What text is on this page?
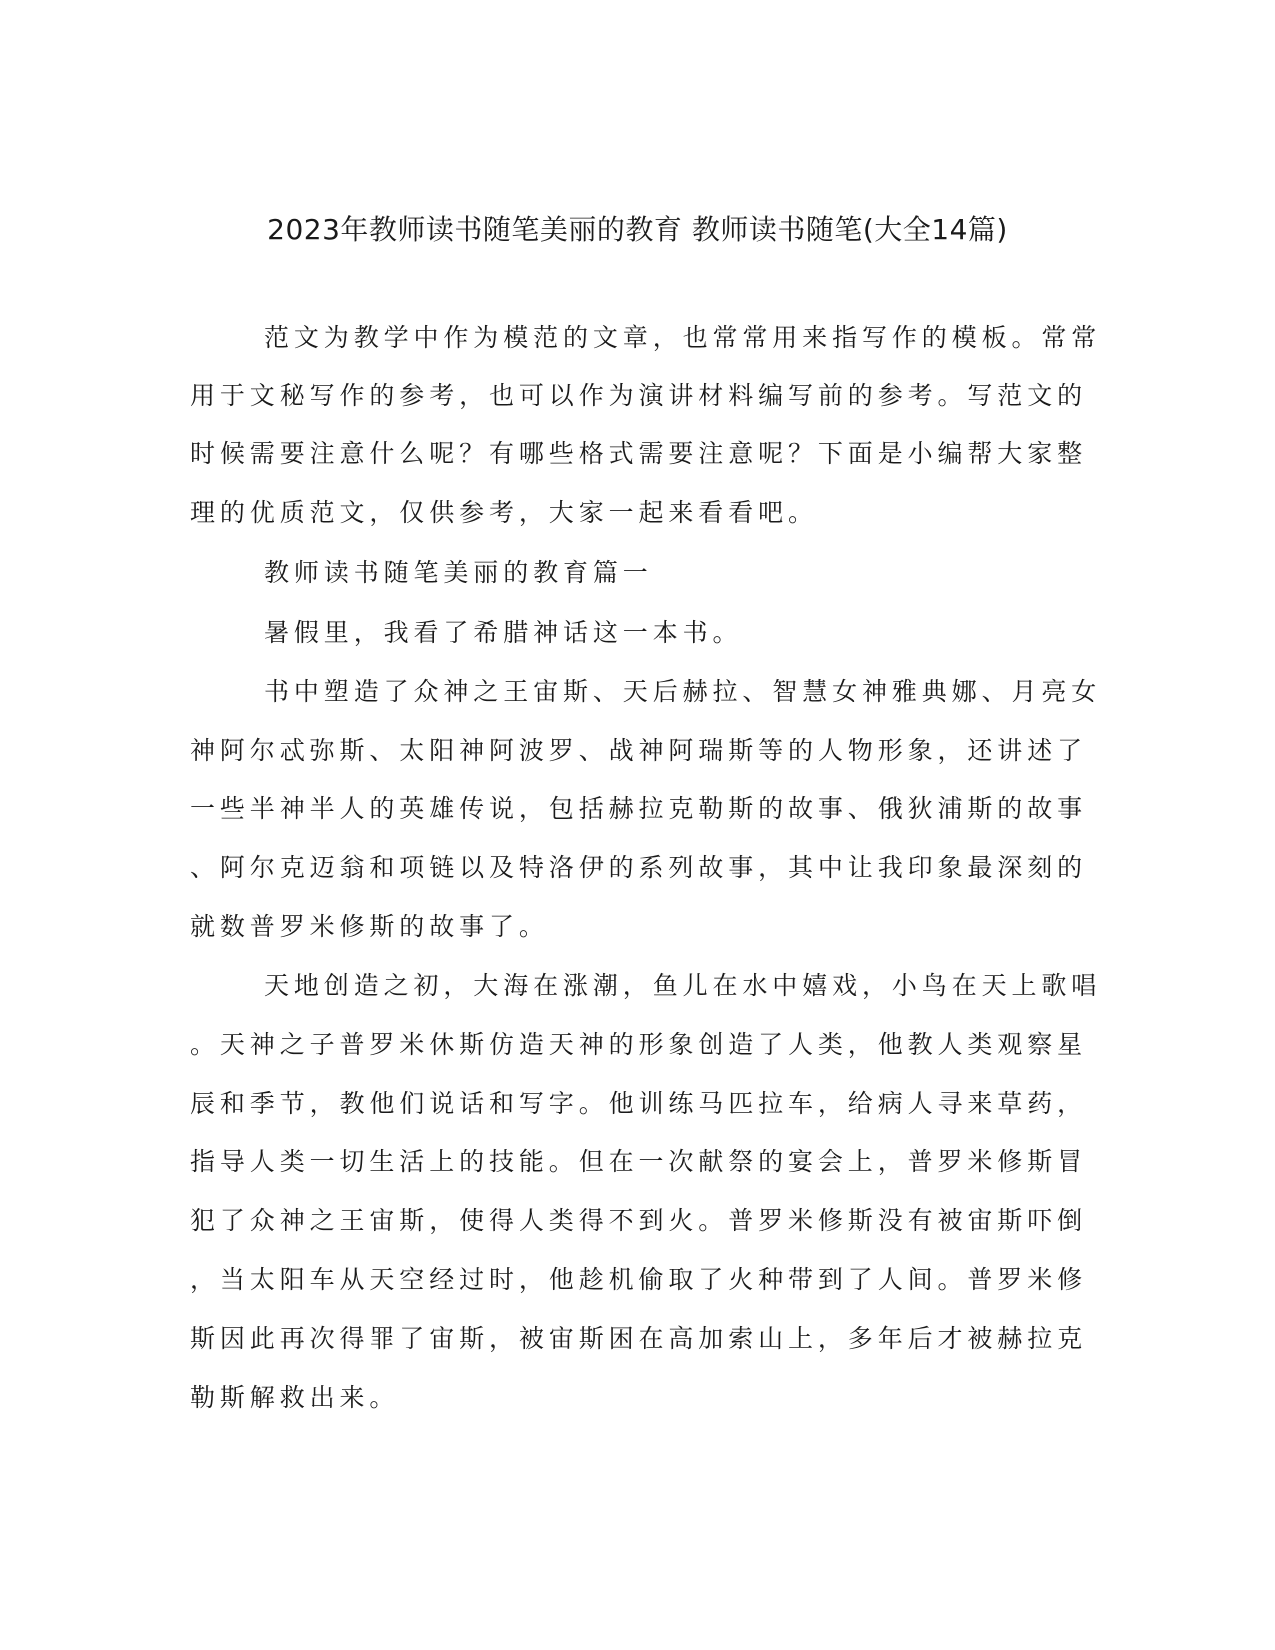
2023年教师读书随笔美丽的教育 教师读书随笔(大全14篇)
范文为教学中作为模范的文章，也常常用来指写作的模板。常常
用于文秘写作的参考，也可以作为演讲材料编写前的参考。写范文的
时候需要注意什么呢？有哪些格式需要注意呢？下面是小编帮大家整
理的优质范文，仅供参考，大家一起来看看吧。
教师读书随笔美丽的教育篇一
暑假里，我看了希腊神话这一本书。
书中塑造了众神之王宙斯、天后赫拉、智慧女神雅典娜、月亮女
神阿尔忒弥斯、太阳神阿波罗、战神阿瑞斯等的人物形象，还讲述了
一些半神半人的英雄传说，包括赫拉克勒斯的故事、俄狄浦斯的故事
、阿尔克迈翁和项链以及特洛伊的系列故事，其中让我印象最深刻的
就数普罗米修斯的故事了。
天地创造之初，大海在涨潮，鱼儿在水中嬉戏，小鸟在天上歌唱
。天神之子普罗米休斯仿造天神的形象创造了人类，他教人类观察星
辰和季节，教他们说话和写字。他训练马匹拉车，给病人寻来草药，
指导人类一切生活上的技能。但在一次献祭的宴会上，普罗米修斯冒
犯了众神之王宙斯，使得人类得不到火。普罗米修斯没有被宙斯吓倒
，当太阳车从天空经过时，他趁机偷取了火种带到了人间。普罗米修
斯因此再次得罪了宙斯，被宙斯困在高加索山上，多年后才被赫拉克
勒斯解救出来。
